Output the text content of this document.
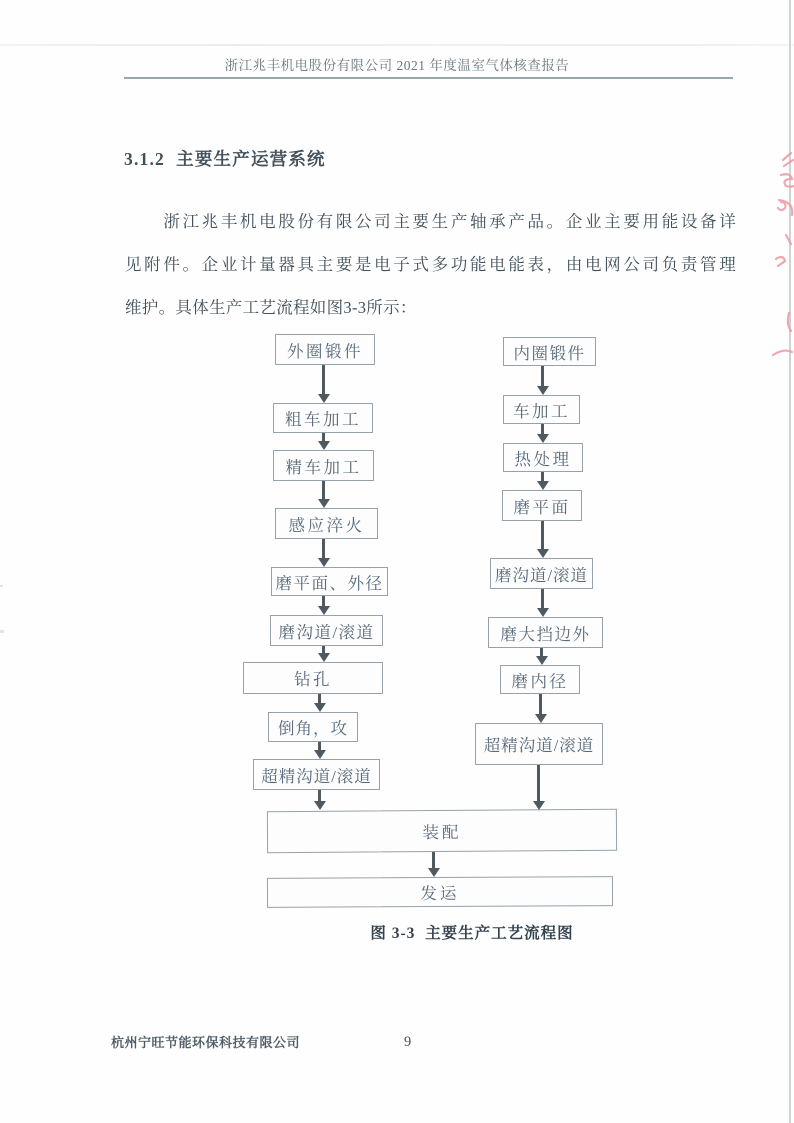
浙江兆丰机电股份有限公司 2021 年度温室气体核查报告
3.1.2  主要生产运营系统
　　浙江兆丰机电股份有限公司主要生产轴承产品。企业主要用能设备详
见附件。企业计量器具主要是电子式多功能电能表，由电网公司负责管理
维护。具体生产工艺流程如图3-3所示：
外圈锻件
粗车加工
精车加工
感应淬火
磨平面、外径
磨沟道/滚道
钻孔
倒角，攻
超精沟道/滚道
内圈锻件
车加工
热处理
磨平面
磨沟道/滚道
磨大挡边外
磨内径
超精沟道/滚道
装配
发运
图 3-3  主要生产工艺流程图
杭州宁旺节能环保科技有限公司	9
